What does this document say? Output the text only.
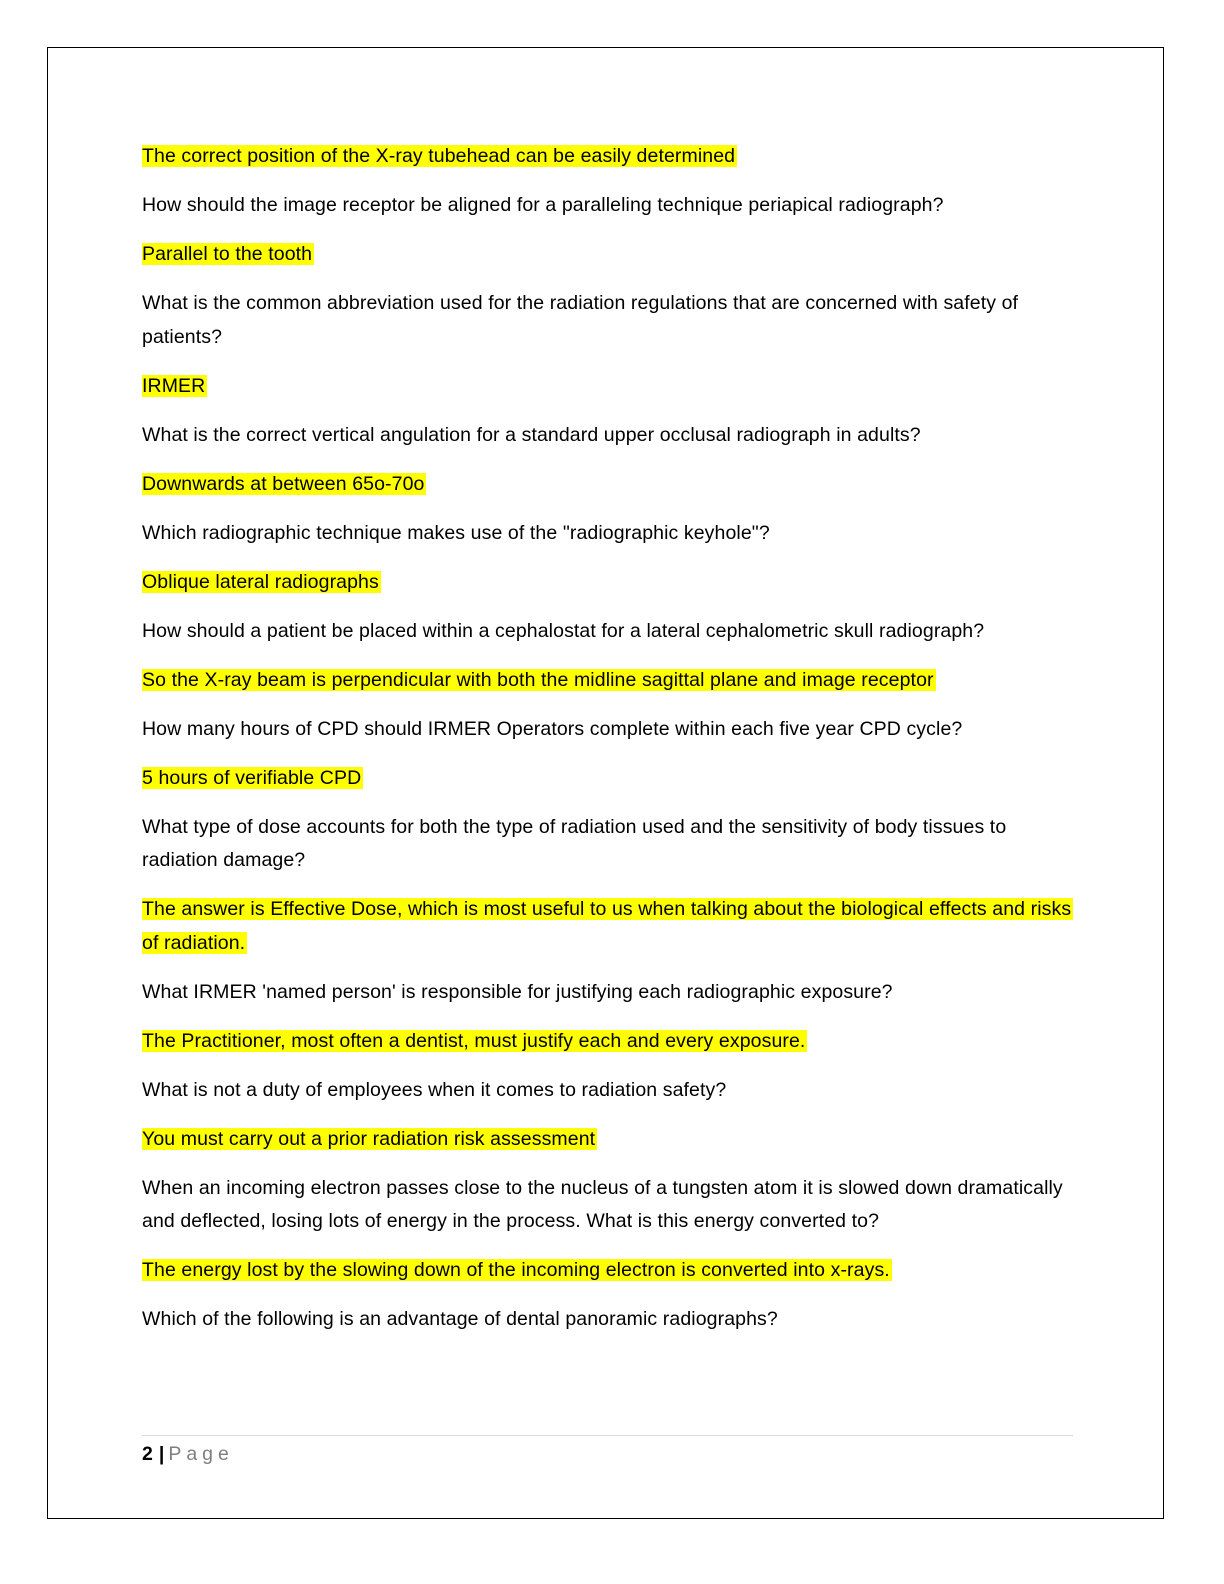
The correct position of the X-ray tubehead can be easily determined

How should the image receptor be aligned for a paralleling technique periapical radiograph?

Parallel to the tooth

What is the common abbreviation used for the radiation regulations that are concerned with safety of patients?

IRMER

What is the correct vertical angulation for a standard upper occlusal radiograph in adults?

Downwards at between 65o-70o

Which radiographic technique makes use of the "radiographic keyhole"?

Oblique lateral radiographs

How should a patient be placed within a cephalostat for a lateral cephalometric skull radiograph?

So the X-ray beam is perpendicular with both the midline sagittal plane and image receptor

How many hours of CPD should IRMER Operators complete within each five year CPD cycle?

5 hours of verifiable CPD

What type of dose accounts for both the type of radiation used and the sensitivity of body tissues to radiation damage?

The answer is Effective Dose, which is most useful to us when talking about the biological effects and risks of radiation.

What IRMER 'named person' is responsible for justifying each radiographic exposure?

The Practitioner, most often a dentist, must justify each and every exposure.

What is not a duty of employees when it comes to radiation safety?

You must carry out a prior radiation risk assessment

When an incoming electron passes close to the nucleus of a tungsten atom it is slowed down dramatically and deflected, losing lots of energy in the process. What is this energy converted to?

The energy lost by the slowing down of the incoming electron is converted into x-rays.

Which of the following is an advantage of dental panoramic radiographs?

2 | Page
